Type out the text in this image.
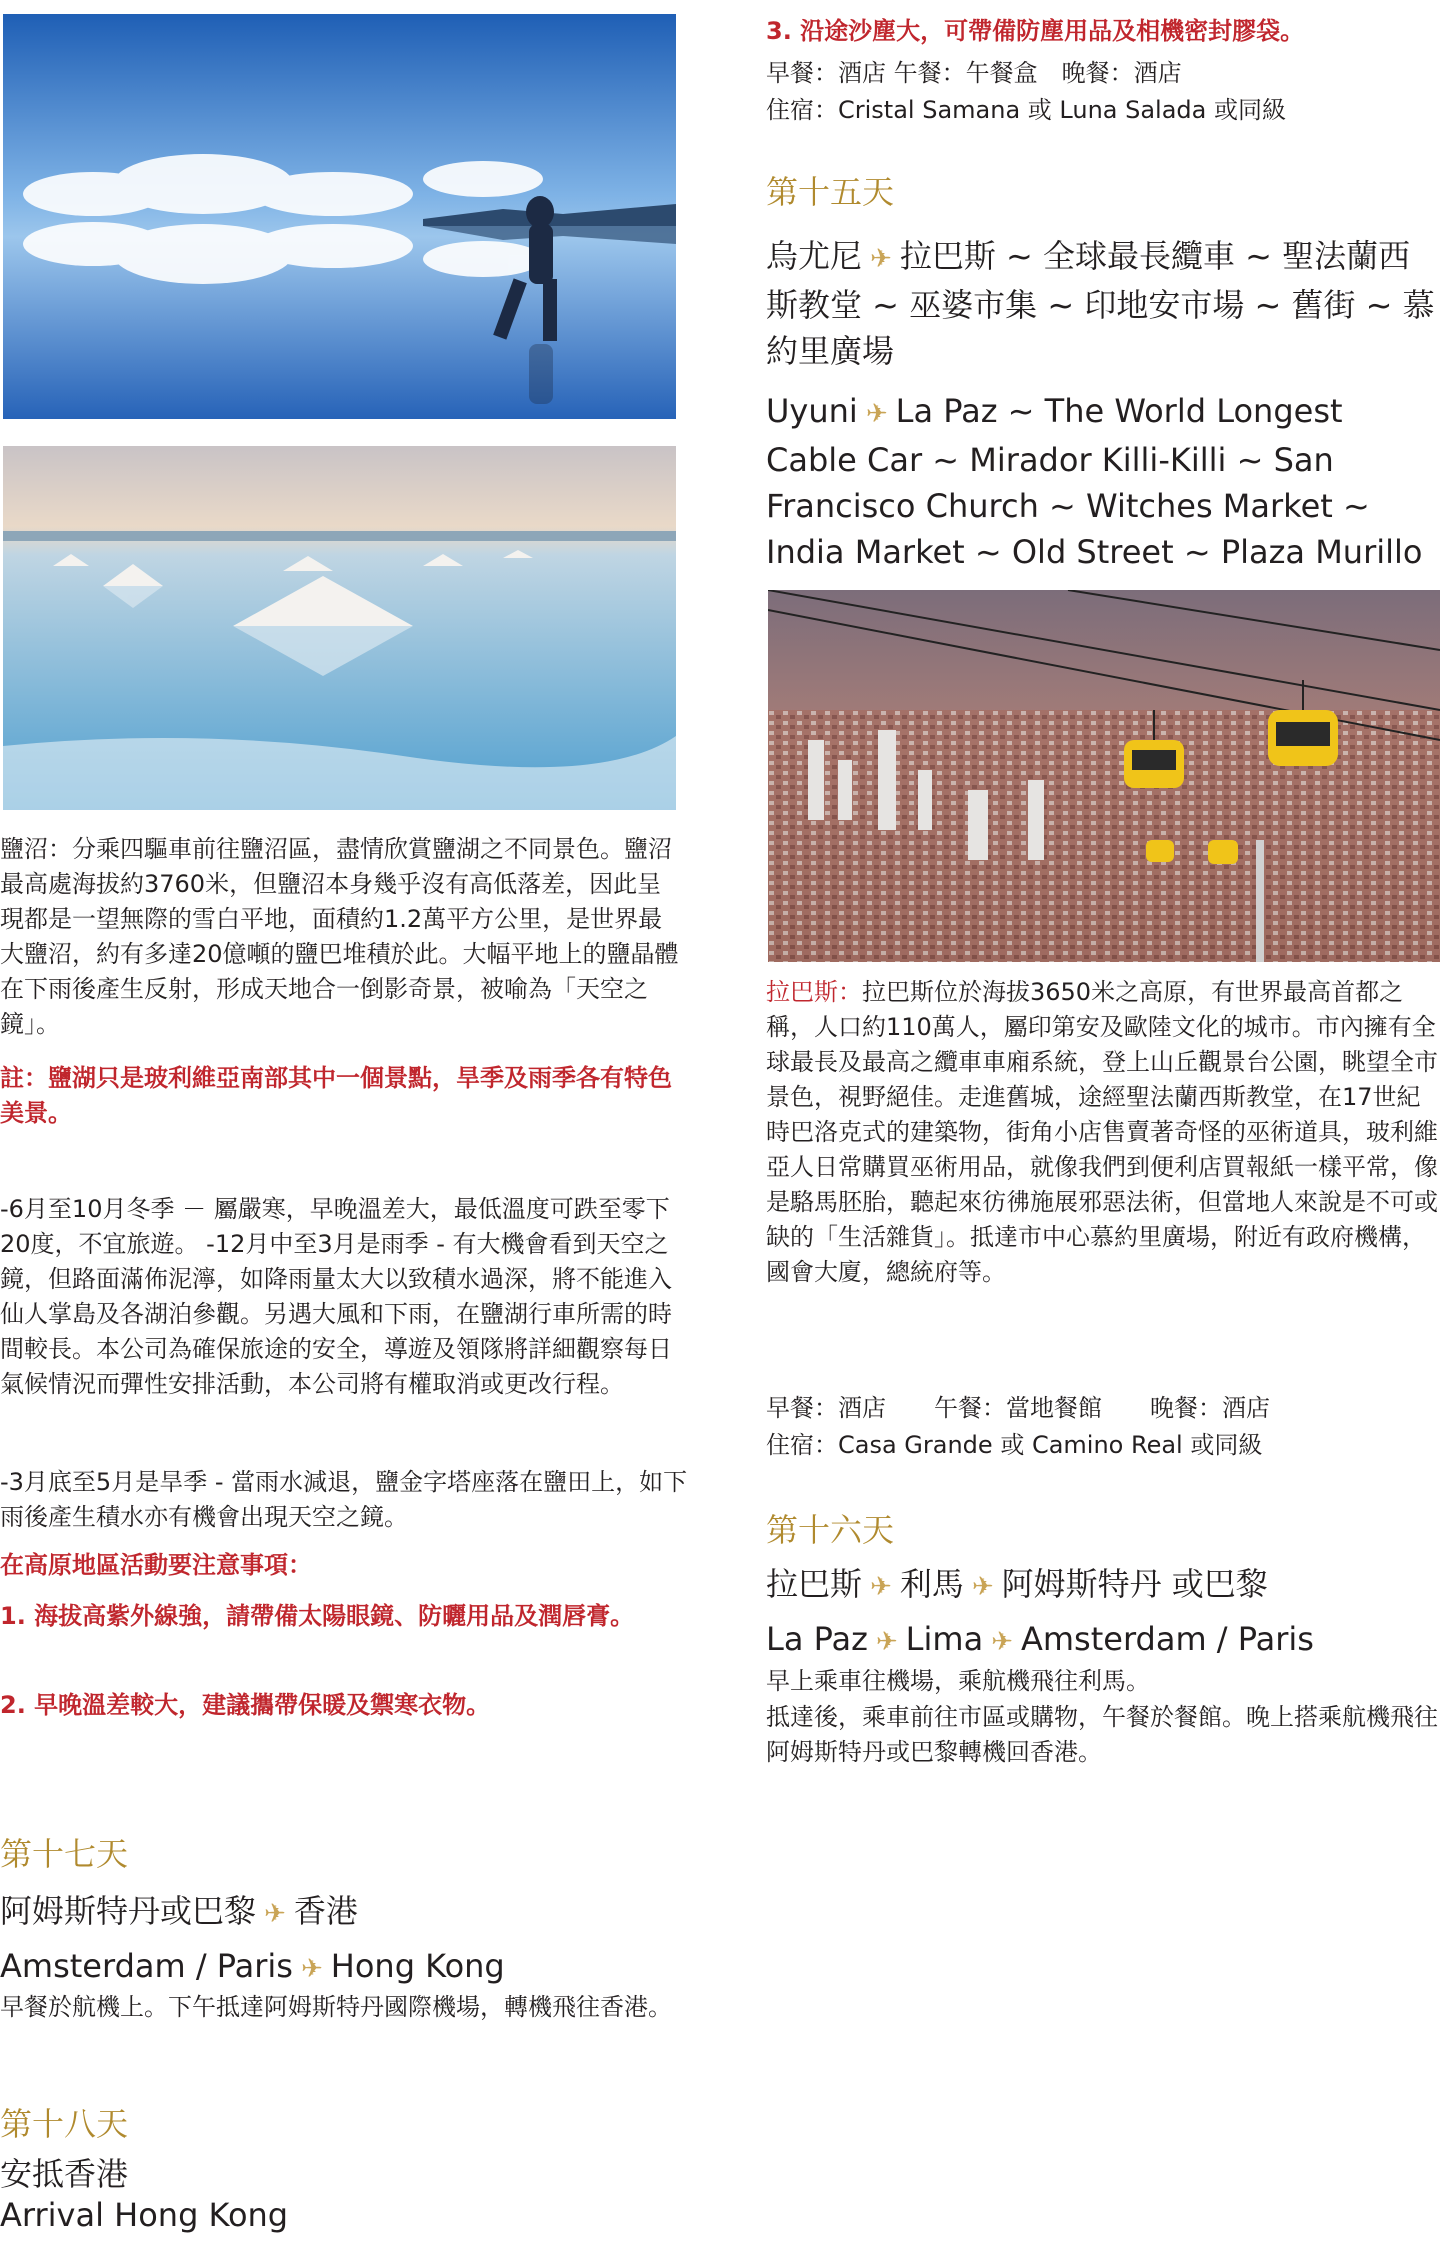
鹽沼：分乘四驅車前往鹽沼區，盡情欣賞鹽湖之不同景色。鹽沼最高處海拔約3760米，但鹽沼本身幾乎沒有高低落差，因此呈現都是一望無際的雪白平地，面積約1.2萬平方公里，是世界最大鹽沼，約有多達20億噸的鹽巴堆積於此。大幅平地上的鹽晶體在下雨後產生反射，形成天地合一倒影奇景，被喻為「天空之鏡」。

註：鹽湖只是玻利維亞南部其中一個景點，旱季及雨季各有特色美景。

-6月至10月冬季 － 屬嚴寒，早晚溫差大，最低溫度可跌至零下20度，不宜旅遊。 -12月中至3月是雨季 - 有大機會看到天空之鏡，但路面滿佈泥濘，如降雨量太大以致積水過深，將不能進入仙人掌島及各湖泊參觀。另遇大風和下雨，在鹽湖行車所需的時間較長。本公司為確保旅途的安全，導遊及領隊將詳細觀察每日氣候情況而彈性安排活動，本公司將有權取消或更改行程。

-3月底至5月是旱季 - 當雨水減退，鹽金字塔座落在鹽田上，如下雨後產生積水亦有機會出現天空之鏡。

在高原地區活動要注意事項：

1. 海拔高紫外線強，請帶備太陽眼鏡、防曬用品及潤唇膏。

2. 早晚溫差較大，建議攜帶保暖及禦寒衣物。

第十七天
阿姆斯特丹或巴黎 ✈ 香港
Amsterdam / Paris ✈ Hong Kong

早餐於航機上。下午抵達阿姆斯特丹國際機場，轉機飛往香港。

第十八天
安抵香港
Arrival Hong Kong

3. 沿途沙塵大，可帶備防塵用品及相機密封膠袋。

早餐：酒店 午餐：午餐盒　晚餐：酒店

住宿：Cristal Samana 或 Luna Salada 或同級

第十五天
烏尤尼 ✈ 拉巴斯 ~ 全球最長纜車 ~ 聖法蘭西斯教堂 ~ 巫婆市集 ~ 印地安市場 ~ 舊街 ~ 慕約里廣場
Uyuni ✈ La Paz ~ The World Longest Cable Car ~ Mirador Killi-Killi ~ San Francisco Church ~ Witches Market ~ India Market ~ Old Street ~ Plaza Murillo

拉巴斯：拉巴斯位於海拔3650米之高原，有世界最高首都之稱，人口約110萬人，屬印第安及歐陸文化的城市。市內擁有全球最長及最高之纜車車廂系統，登上山丘觀景台公園，眺望全市景色，視野絕佳。走進舊城，途經聖法蘭西斯教堂，在17世紀時巴洛克式的建築物，街角小店售賣著奇怪的巫術道具，玻利維亞人日常購買巫術用品，就像我們到便利店買報紙一樣平常，像是駱馬胚胎，聽起來彷彿施展邪惡法術，但當地人來說是不可或缺的「生活雜貨」。抵達市中心慕約里廣場，附近有政府機構，國會大廈，總統府等。

早餐：酒店　　午餐：當地餐館　　晚餐：酒店

住宿：Casa Grande 或 Camino Real 或同級

第十六天
拉巴斯 ✈ 利馬 ✈ 阿姆斯特丹 或巴黎
La Paz ✈ Lima ✈ Amsterdam / Paris

早上乘車往機場，乘航機飛往利馬。

抵達後，乘車前往市區或購物，午餐於餐館。晚上搭乘航機飛往阿姆斯特丹或巴黎轉機回香港。
